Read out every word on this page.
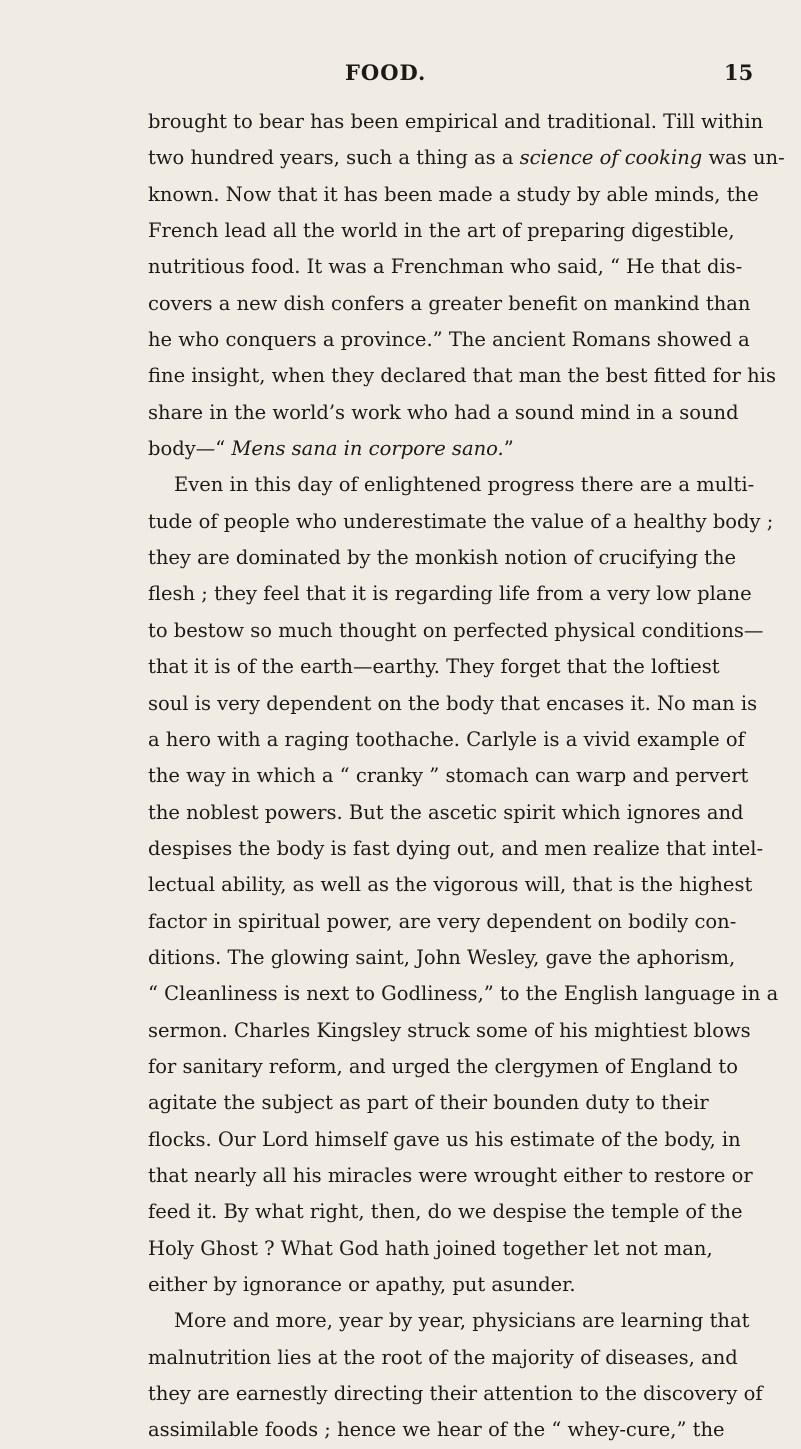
FOOD.	15
brought to bear has been empirical and traditional. Till within
two hundred years, such a thing as a science of cooking was un-
known. Now that it has been made a study by able minds, the
French lead all the world in the art of preparing digestible,
nutritious food. It was a Frenchman who said, “ He that dis-
covers a new dish confers a greater benefit on mankind than
he who conquers a province.” The ancient Romans showed a
fine insight, when they declared that man the best fitted for his
share in the world’s work who had a sound mind in a sound
body—“ Mens sana in corpore sano.”
Even in this day of enlightened progress there are a multi-
tude of people who underestimate the value of a healthy body ;
they are dominated by the monkish notion of crucifying the
flesh ; they feel that it is regarding life from a very low plane
to bestow so much thought on perfected physical conditions—
that it is of the earth—earthy. They forget that the loftiest
soul is very dependent on the body that encases it. No man is
a hero with a raging toothache. Carlyle is a vivid example of
the way in which a “ cranky ” stomach can warp and pervert
the noblest powers. But the ascetic spirit which ignores and
despises the body is fast dying out, and men realize that intel-
lectual ability, as well as the vigorous will, that is the highest
factor in spiritual power, are very dependent on bodily con-
ditions. The glowing saint, John Wesley, gave the aphorism,
“ Cleanliness is next to Godliness,” to the English language in a
sermon. Charles Kingsley struck some of his mightiest blows
for sanitary reform, and urged the clergymen of England to
agitate the subject as part of their bounden duty to their
flocks. Our Lord himself gave us his estimate of the body, in
that nearly all his miracles were wrought either to restore or
feed it. By what right, then, do we despise the temple of the
Holy Ghost ? What God hath joined together let not man,
either by ignorance or apathy, put asunder.
More and more, year by year, physicians are learning that
malnutrition lies at the root of the majority of diseases, and
they are earnestly directing their attention to the discovery of
assimilable foods ; hence we hear of the “ whey-cure,” the
